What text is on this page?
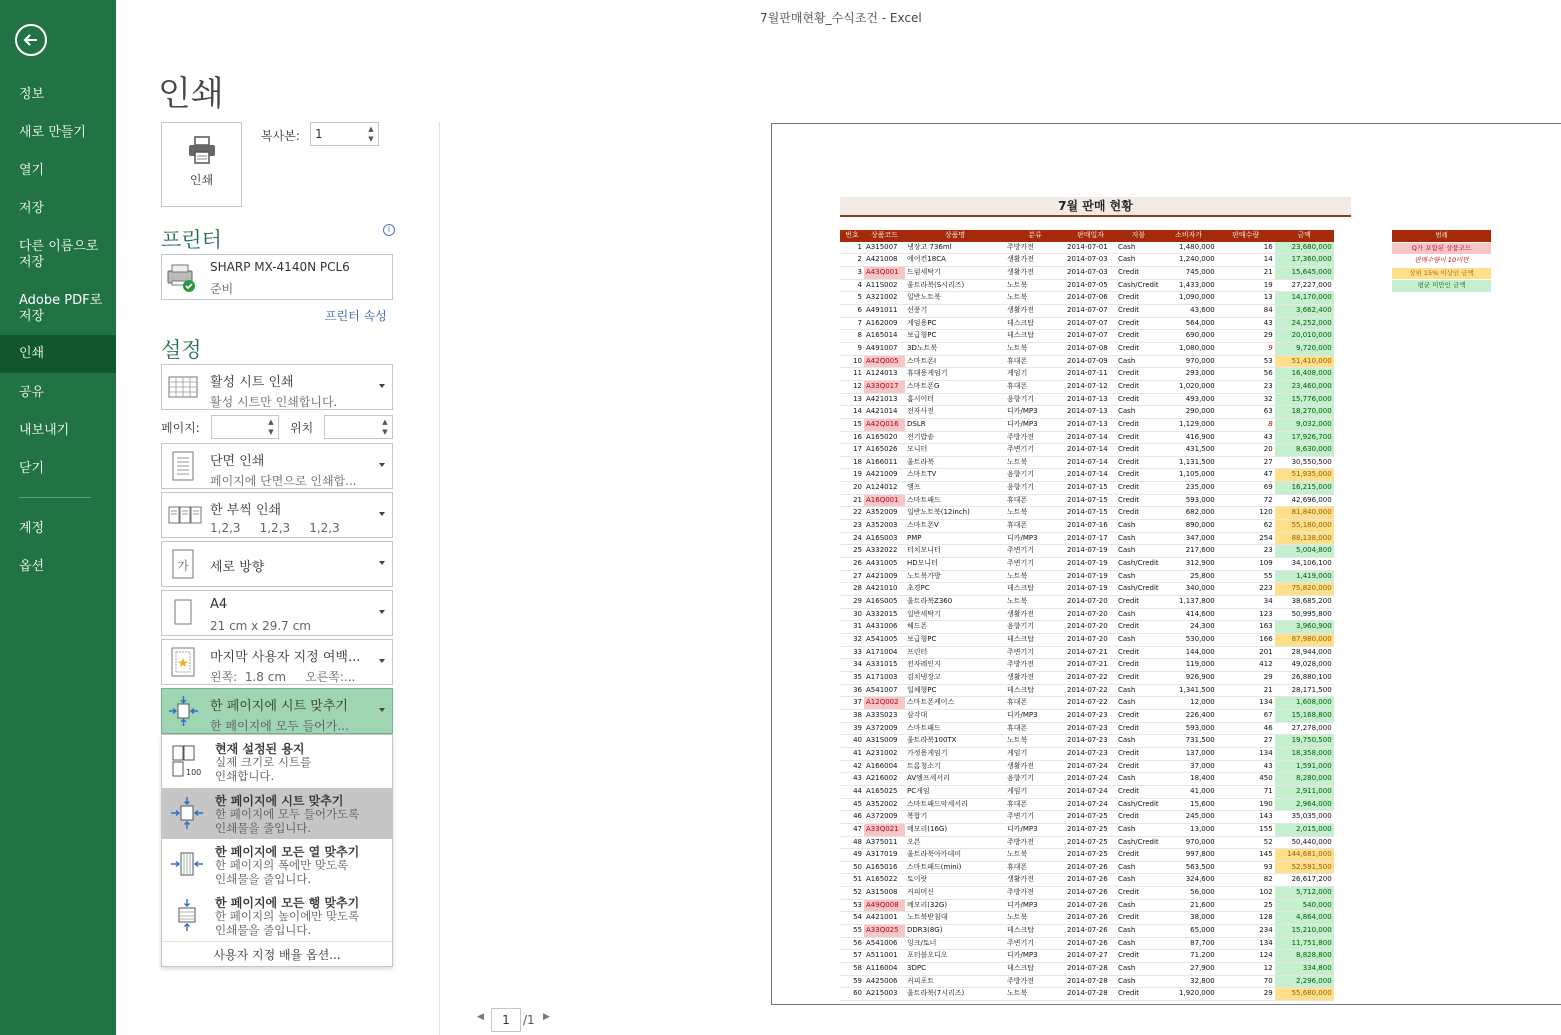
정보
새로 만들기
열기
저장
다른 이름으로
저장
Adobe PDF로
저장
인쇄
공유
내보내기
닫기
계정
옵션
7월판매현황_수식조건 - Excel
인쇄
인쇄
복사본:
1	▲
▼
프린터	i
SHARP MX-4140N PCL6
준비
프린터 속성
설정
활성 시트 인쇄
활성 시트만 인쇄합니다.
페이지:	▲
▼ 위치	▲
▼
단면 인쇄
페이지에 단면으로 인쇄합...
한 부씩 인쇄
1,2,3     1,2,3     1,2,3
가 세로 방향
A4
21 cm x 29.7 cm
마지막 사용자 지정 여백...
왼쪽:  1.8 cm     오른쪽:...
한 페이지에 시트 맞추기
한 페이지에 모두 들어가...
100
현재 설정된 용지
실제 크기로 시트를
인쇄합니다.
한 페이지에 시트 맞추기
한 페이지에 모두 들어가도록
인쇄물을 줄입니다.
한 페이지에 모든 열 맞추기
한 페이지의 폭에만 맞도록
인쇄물을 줄입니다.
한 페이지에 모든 행 맞추기
한 페이지의 높이에만 맞도록
인쇄물을 줄입니다.
사용자 지정 배율 옵션...
◀	1	/1 ▶
7월 판매 현황
번호	상품코드	상품명	분류	판매일자	지불	소비자가	판매수량	금액
1	A315007	냉장고 736ml	주방가전	2014-07-01	Cash	1,480,000	16	23,680,000
2	A421008	에어컨18CA	생활가전	2014-07-03	Cash	1,240,000	14	17,360,000
3	A43Q001	드럼세탁기	생활가전	2014-07-03	Credit	745,000	21	15,645,000
4	A11S002	울트라북(S시리즈)	노트북	2014-07-05	Cash/Credit	1,433,000	19	27,227,000
5	A321002	일반노트북	노트북	2014-07-06	Credit	1,090,000	13	14,170,000
6	A491011	선풍기	생활가전	2014-07-07	Credit	43,600	84	3,662,400
7	A162009	게임용PC	데스크탑	2014-07-07	Credit	564,000	43	24,252,000
8	A165014	보급형PC	데스크탑	2014-07-07	Credit	690,000	29	20,010,000
9	A491007	3D노트북	노트북	2014-07-08	Credit	1,080,000	9	9,720,000
10	A42Q005	스마트폰I	휴대폰	2014-07-09	Cash	970,000	53	51,410,000
11	A124013	휴대용게임기	게임기	2014-07-11	Credit	293,000	56	16,408,000
12	A33Q017	스마트폰G	휴대폰	2014-07-12	Credit	1,020,000	23	23,460,000
13	A421013	홈시어터	음향기기	2014-07-13	Credit	493,000	32	15,776,000
14	A421014	전자사전	디카/MP3	2014-07-13	Cash	290,000	63	18,270,000
15	A42Q016	DSLR	디카/MP3	2014-07-13	Credit	1,129,000	8	9,032,000
16	A165020	전기밥솥	주방가전	2014-07-14	Credit	416,900	43	17,926,700
17	A165026	모니터	주변기기	2014-07-14	Credit	431,500	20	8,630,000
18	A166011	울트라북	노트북	2014-07-14	Credit	1,131,500	27	30,550,500
19	A421009	스마트TV	음향기기	2014-07-14	Credit	1,105,000	47	51,935,000
20	A124012	앰프	음향기기	2014-07-15	Credit	235,000	69	16,215,000
21	A16Q001	스마트패드	휴대폰	2014-07-15	Credit	593,000	72	42,696,000
22	A352009	일반노트북(12inch)	노트북	2014-07-15	Credit	682,000	120	81,840,000
23	A352003	스마트폰V	휴대폰	2014-07-16	Cash	890,000	62	55,180,000
24	A16S003	PMP	디카/MP3	2014-07-17	Cash	347,000	254	88,138,000
25	A332022	터치모니터	주변기기	2014-07-19	Cash	217,600	23	5,004,800
26	A431005	HD모니터	주변기기	2014-07-19	Cash/Credit	312,900	109	34,106,100
27	A421009	노트북가방	노트북	2014-07-19	Cash	25,800	55	1,419,000
28	A421010	초경PC	데스크탑	2014-07-19	Cash/Credit	340,000	223	75,820,000
29	A16S005	울트라북Z360	노트북	2014-07-20	Credit	1,137,800	34	38,685,200
30	A332015	일반세탁기	생활가전	2014-07-20	Cash	414,600	123	50,995,800
31	A431006	헤드폰	음향기기	2014-07-20	Credit	24,300	163	3,960,900
32	A541005	보급형PC	데스크탑	2014-07-20	Cash	530,000	166	87,980,000
33	A171004	프린터	주변기기	2014-07-21	Credit	144,000	201	28,944,000
34	A331015	전자레인지	주방가전	2014-07-21	Credit	119,000	412	49,028,000
35	A171003	김치냉장고	생활가전	2014-07-22	Credit	926,900	29	26,880,100
36	A541007	일체형PC	데스크탑	2014-07-22	Cash	1,341,500	21	28,171,500
37	A12Q002	스마트폰케이스	휴대폰	2014-07-22	Cash	12,000	134	1,608,000
38	A33S023	삼각대	디카/MP3	2014-07-23	Credit	226,400	67	15,168,800
39	A372009	스마트패드	휴대폰	2014-07-23	Credit	593,000	46	27,278,000
40	A31S009	울트라북100TX	노트북	2014-07-23	Cash	731,500	27	19,750,500
41	A231002	가정용게임기	게임기	2014-07-23	Credit	137,000	134	18,358,000
42	A166004	트롬청소기	생활가전	2014-07-24	Credit	37,000	43	1,591,000
43	A216002	AV엠프세서리	음향기기	2014-07-24	Cash	18,400	450	8,280,000
44	A165025	PC게임	게임기	2014-07-24	Credit	41,000	71	2,911,000
45	A352002	스마트패드악세서리	휴대폰	2014-07-24	Cash/Credit	15,600	190	2,964,000
46	A372009	복합기	주변기기	2014-07-25	Credit	245,000	143	35,035,000
47	A33Q021	메모리(16G)	디카/MP3	2014-07-25	Cash	13,000	155	2,015,000
48	A375011	오븐	주방가전	2014-07-25	Cash/Credit	970,000	52	50,440,000
49	A317019	울트라북아카데미	노트북	2014-07-25	Credit	997,800	145	144,681,000
50	A165016	스마트패드(mini)	휴대폰	2014-07-26	Cash	563,500	93	52,591,500
51	A165022	토이랏	생활가전	2014-07-26	Cash	324,600	82	26,617,200
52	A315008	커피머신	주방가전	2014-07-26	Credit	56,000	102	5,712,000
53	A49Q008	메모리(32G)	디카/MP3	2014-07-26	Cash	21,600	25	540,000
54	A421001	노트북받침대	노트북	2014-07-26	Credit	38,000	128	4,864,000
55	A33Q025	DDR3(8G)	데스크탑	2014-07-26	Cash	65,000	234	15,210,000
56	A541006	잉크/토너	주변기기	2014-07-26	Cash	87,700	134	11,751,800
57	A511001	포터블오디오	디카/MP3	2014-07-27	Credit	71,200	124	8,828,800
58	A116004	3DPC	데스크탑	2014-07-28	Cash	27,900	12	334,800
59	A425006	커피포트	주방가전	2014-07-28	Cash	32,800	70	2,296,000
60	A215003	울트라북(7시리즈)	노트북	2014-07-28	Credit	1,920,000	29	55,680,000
범례
Q가 포함된 상품코드
판매수량이 10미만
상위 15% 이상인 금액
평균 미만인 금액
